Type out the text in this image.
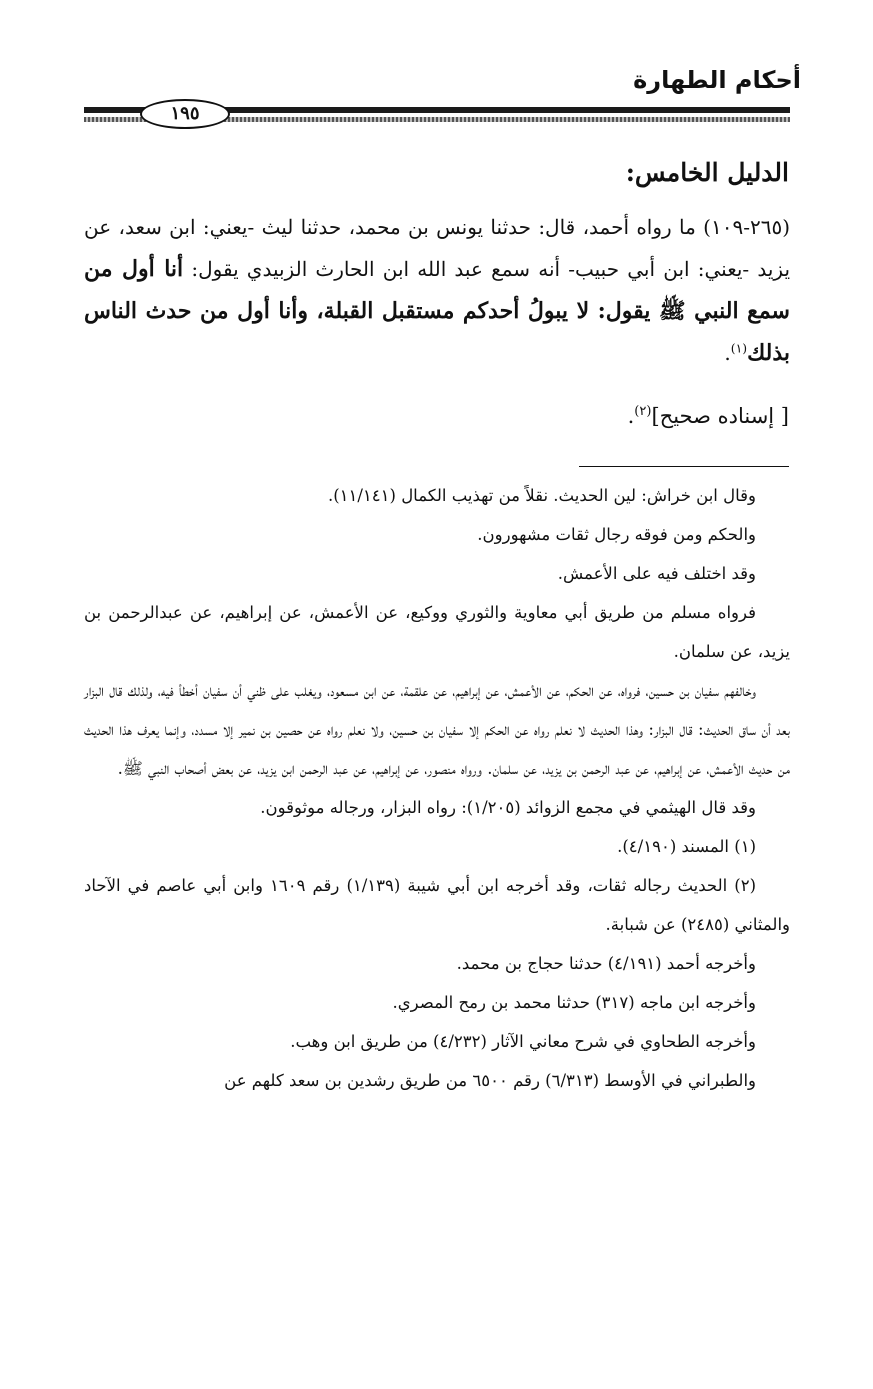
أحكام الطهارة
١٩٥
الدليل الخامس:
(٢٦٥-١٠٩) ما رواه أحمد، قال: حدثنا يونس بن محمد، حدثنا ليث -يعني: ابن سعد، عن يزيد -يعني: ابن أبي حبيب- أنه سمع عبد الله ابن الحارث الزبيدي يقول: أنا أول من سمع النبي ﷺ يقول: لا يبولُ أحدكم مستقبل القبلة، وأنا أول من حدث الناس بذلك$^{(١)}$.
[ إسناده صحيح]$^{(٢)}$.

وقال ابن خراش: لين الحديث. نقلاً من تهذيب الكمال (١١/١٤١).

والحكم ومن فوقه رجال ثقات مشهورون.

وقد اختلف فيه على الأعمش.

فرواه مسلم من طريق أبي معاوية والثوري ووكيع، عن الأعمش، عن إبراهيم، عن عبدالرحمن بن يزيد، عن سلمان.

وخالفهم سفيان بن حسين، فرواه، عن الحكم، عن الأعمش، عن إبراهيم، عن علقمة، عن ابن مسعود، ويغلب على ظني أن سفيان أخطأ فيه، ولذلك قال البزار بعد أن ساق الحديث: قال البزار: وهذا الحديث لا نعلم رواه عن الحكم إلا سفيان بن حسين، ولا نعلم رواه عن حصين بن نمير إلا مسدد، وإنما يعرف هذا الحديث من حديث الأعمش، عن إبراهيم، عن عبد الرحمن بن يزيد، عن سلمان. ورواه منصور، عن إبراهيم، عن عبد الرحمن ابن يزيد، عن بعض أصحاب النبي ﷺ.

وقد قال الهيثمي في مجمع الزوائد (١/٢٠٥): رواه البزار، ورجاله موثوقون.

(١) المسند (٤/١٩٠).

(٢) الحديث رجاله ثقات، وقد أخرجه ابن أبي شيبة (١/١٣٩) رقم ١٦٠٩ وابن أبي عاصم في الآحاد والمثاني (٢٤٨٥) عن شبابة.

وأخرجه أحمد (٤/١٩١) حدثنا حجاج بن محمد.

وأخرجه ابن ماجه (٣١٧) حدثنا محمد بن رمح المصري.

وأخرجه الطحاوي في شرح معاني الآثار (٤/٢٣٢) من طريق ابن وهب.

والطبراني في الأوسط (٦/٣١٣) رقم ٦٥٠٠ من طريق رشدين بن سعد كلهم عن
